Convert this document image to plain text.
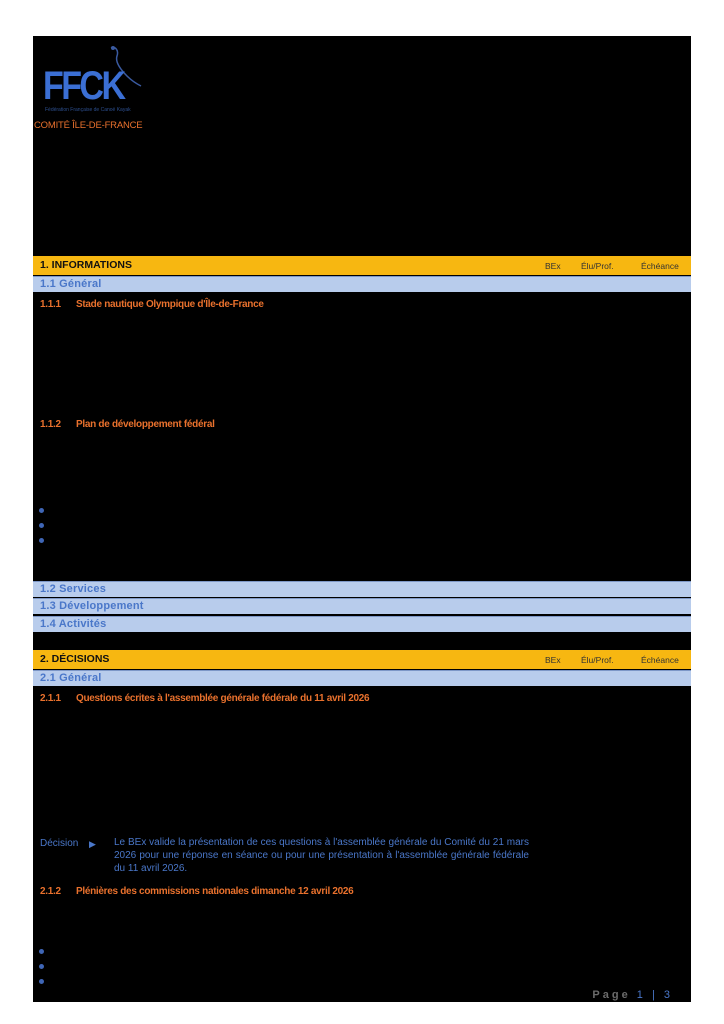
FFCK
Fédération Française de Canoë Kayak
COMITÉ ÎLE-DE-FRANCE
1. INFORMATIONS	BEx Élu/Prof.	Échéance
1.1 Général
1.1.1 Stade nautique Olympique d'Île-de-France
1.1.2 Plan de développement fédéral
1.2 Services
1.3 Développement
1.4 Activités
2. DÉCISIONS	BEx Élu/Prof.	Échéance
2.1 Général
2.1.1 Questions écrites à l'assemblée générale fédérale du 11 avril 2026
Décision ▶ Le BEx valide la présentation de ces questions à l'assemblée générale du Comité du 21 mars 2026 pour une réponse en séance ou pour une présentation à l'assemblée générale fédérale du 11 avril 2026.
2.1.2 Plénières des commissions nationales dimanche 12 avril 2026
Page 1 | 3
